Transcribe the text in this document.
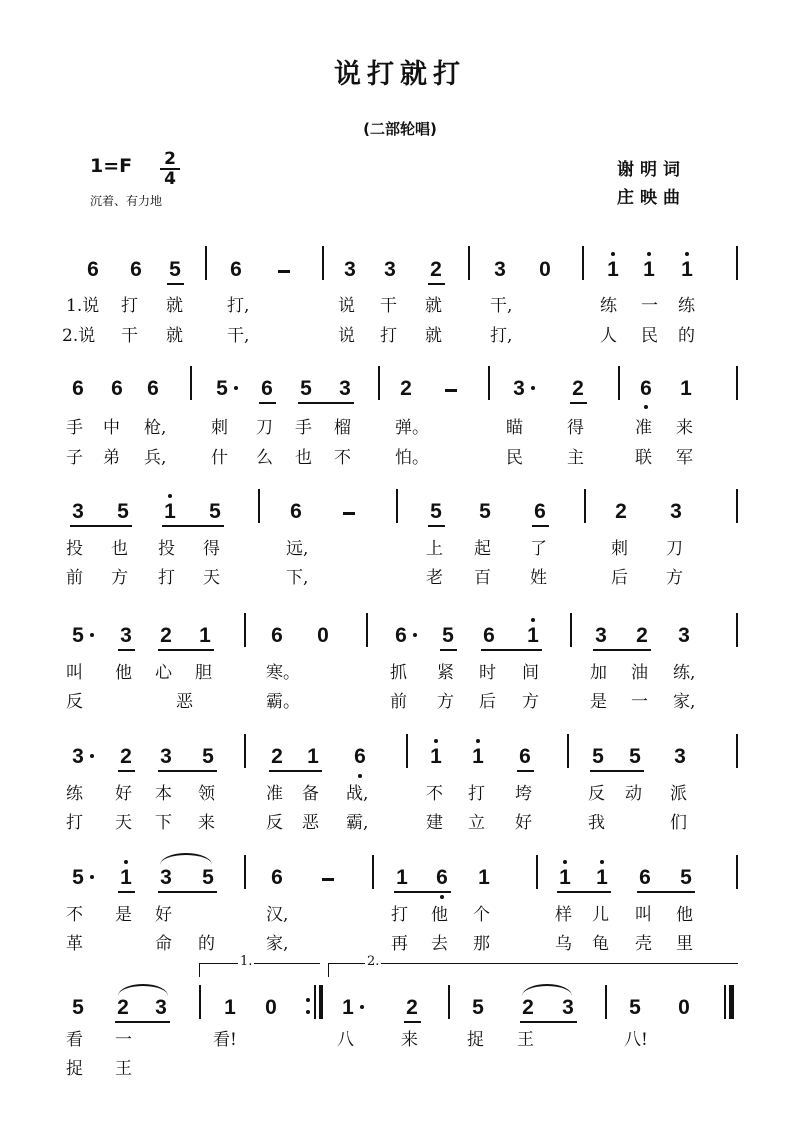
说打就打
(二部轮唱)
1=F	2
4
沉着、有力地
谢明词
庄映曲
6 6 5 6	3 3 2 3 0	1 1 1
1.说 打 就	打,	说 干 就	干,	练 一 练
2.说 干 就	干,	说 打 就	打,	人 民 的
6 6 6	5 6 5 3 2	3 2	6 1
手 中 枪,	刺 刀 手 榴	弹。	瞄	得	准 来
子 弟 兵,	什 么 也 不	怕。	民	主	联 军
3 5 1 5	6	5 5 6	2 3
投 也 投 得	远,	上 起 了	刺 刀
前 方 打 天	下,	老 百 姓	后 方
5 3 2 1	6 0	6 5 6 1	3 2 3
叫 他 心 胆	寒。	抓 紧 时 间	加 油 练,
反	恶	霸。	前 方 后 方	是 一 家,
3 2 3 5	2 1 6	1 1 6	5 5 3
练 好 本 领	准 备 战,	不 打 垮	反 动 派
打 天 下 来	反 恶 霸,	建 立 好	我	们
5 1 3 5	6	1 6 1	1 1 6 5
不 是 好	汉,	打 他 个	样 儿 叫 他
革	命 的	家,	再 去 那	乌 龟 壳 里
1.	2.
5 2 3	1 0	1 2	5 2 3	5 0
看 一	看!	八	来	捉 王	八!
捉 王
